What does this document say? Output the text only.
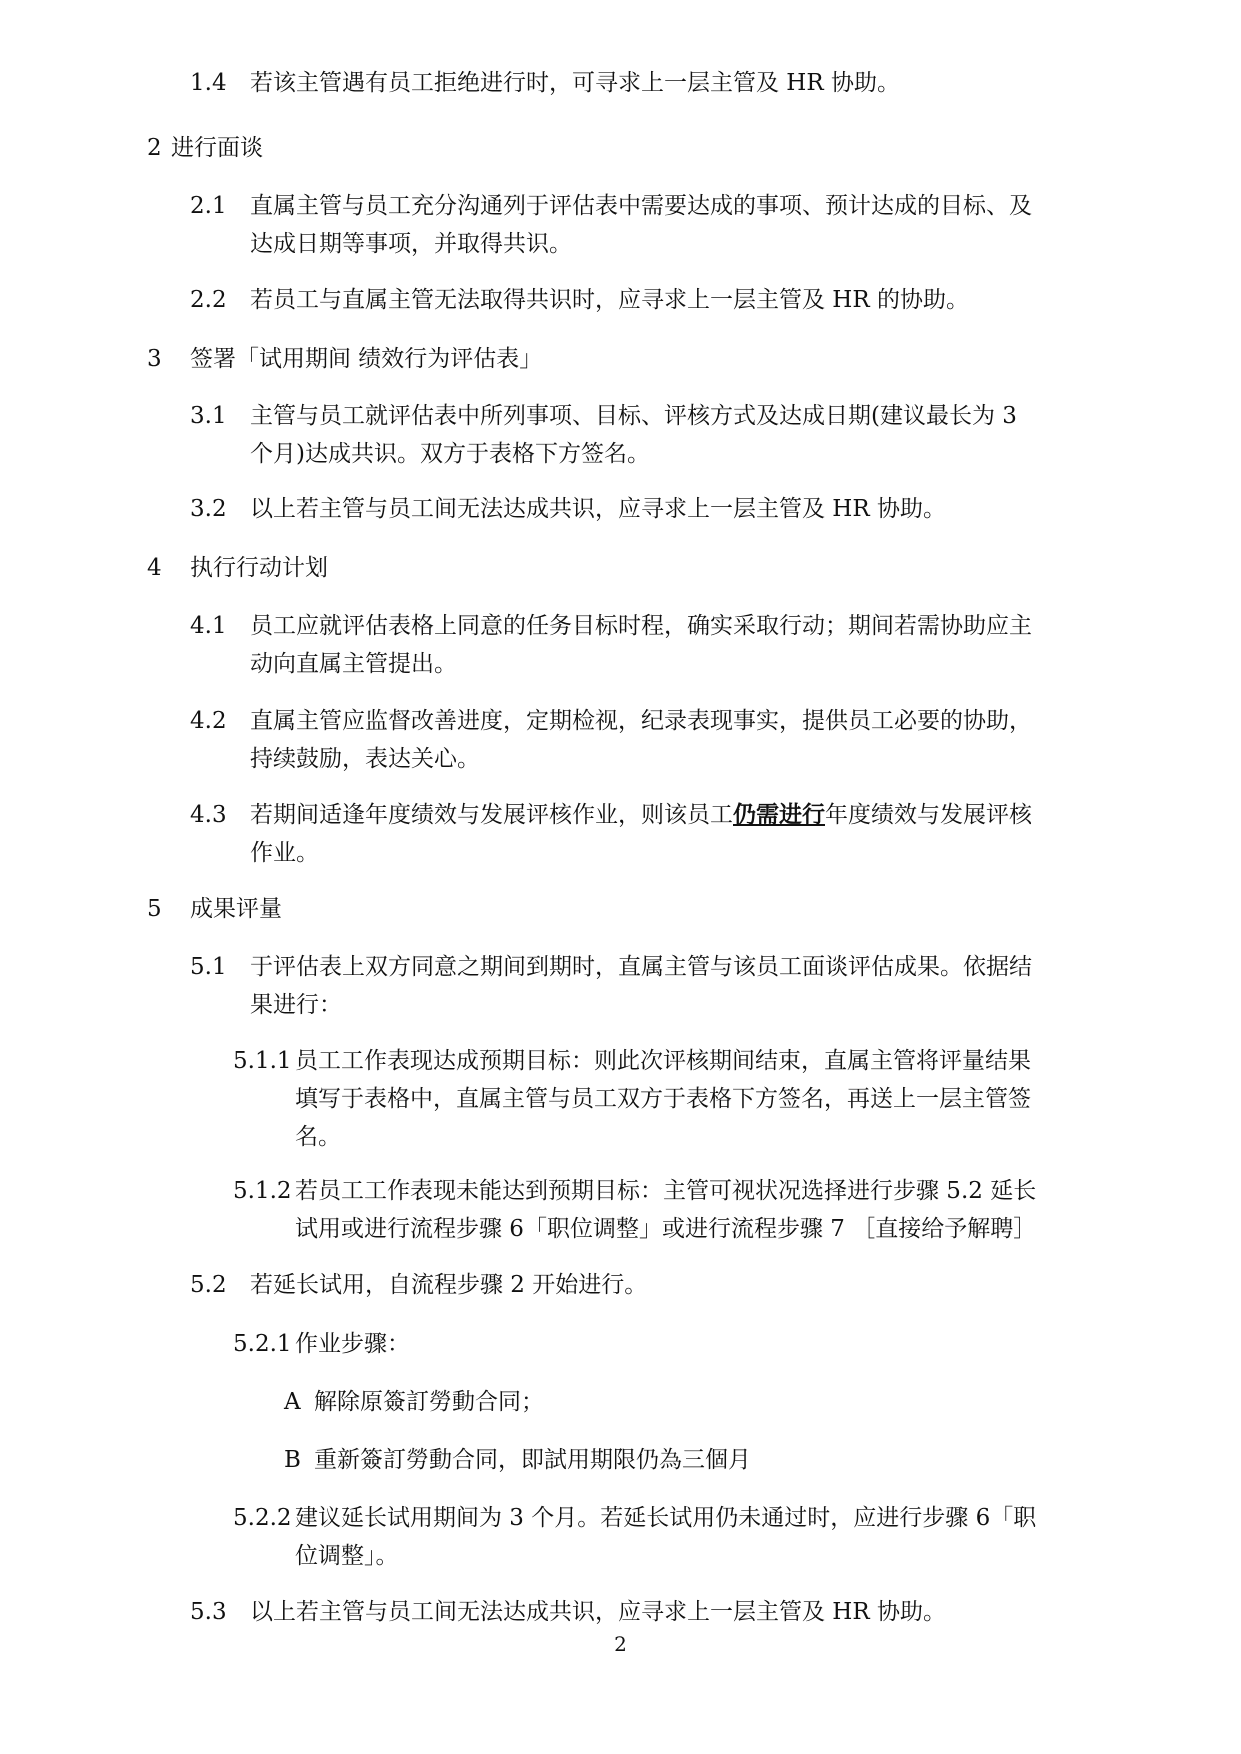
1.4 若该主管遇有员工拒绝进行时，可寻求上一层主管及 HR 协助。
2 进行面谈
2.1 直属主管与员工充分沟通列于评估表中需要达成的事项、预计达成的目标、及
达成日期等事项，并取得共识。
2.2 若员工与直属主管无法取得共识时，应寻求上一层主管及 HR 的协助。
3 签署「试用期间 绩效行为评估表」
3.1 主管与员工就评估表中所列事项、目标、评核方式及达成日期(建议最长为 3
个月)达成共识。双方于表格下方签名。
3.2 以上若主管与员工间无法达成共识，应寻求上一层主管及 HR 协助。
4 执行行动计划
4.1 员工应就评估表格上同意的任务目标时程，确实采取行动；期间若需协助应主
动向直属主管提出。
4.2 直属主管应监督改善进度，定期检视，纪录表现事实，提供员工必要的协助，
持续鼓励，表达关心。
4.3 若期间适逢年度绩效与发展评核作业，则该员工仍需进行年度绩效与发展评核
作业。
5 成果评量
5.1 于评估表上双方同意之期间到期时，直属主管与该员工面谈评估成果。依据结
果进行：
5.1.1 员工工作表现达成预期目标：则此次评核期间结束，直属主管将评量结果
填写于表格中，直属主管与员工双方于表格下方签名，再送上一层主管签
名。
5.1.2 若员工工作表现未能达到预期目标：主管可视状况选择进行步骤 5.2 延长
试用或进行流程步骤 6「职位调整」或进行流程步骤 7 ［直接给予解聘］
5.2 若延长试用，自流程步骤 2 开始进行。
5.2.1 作业步骤：
A 解除原簽訂勞動合同；
B 重新簽訂勞動合同，即試用期限仍為三個月
5.2.2 建议延长试用期间为 3 个月。若延长试用仍未通过时，应进行步骤 6「职
位调整」。
5.3 以上若主管与员工间无法达成共识，应寻求上一层主管及 HR 协助。
2
